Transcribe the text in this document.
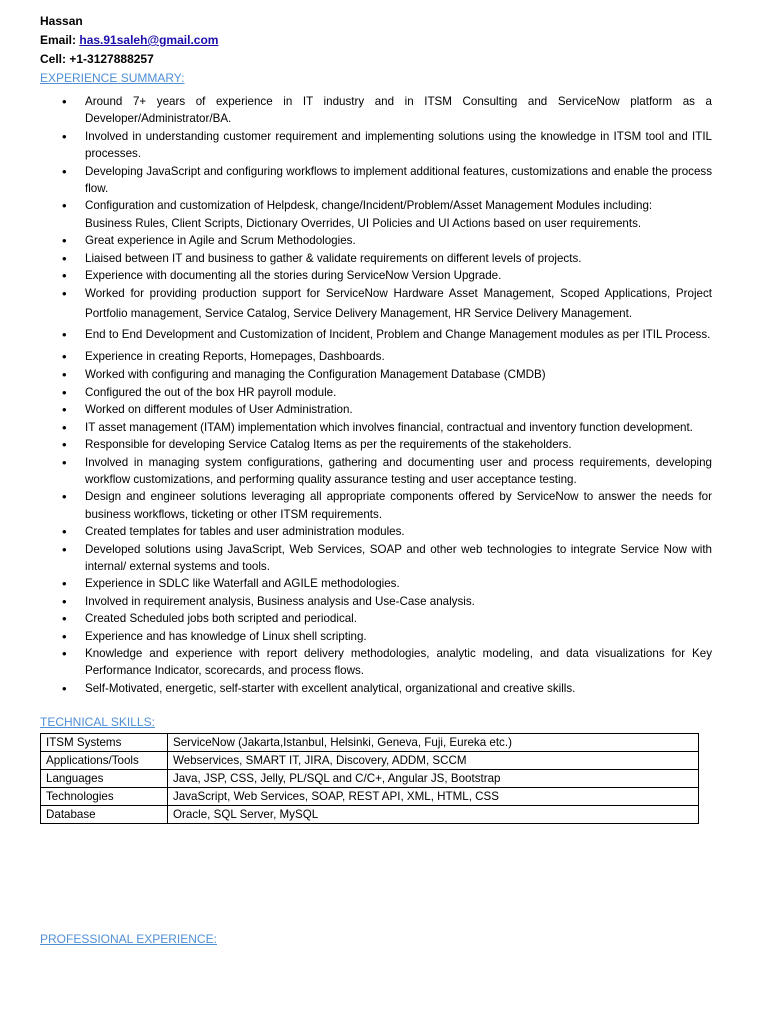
Hassan
Email: has.91saleh@gmail.com
Cell: +1-3127888257
EXPERIENCE SUMMARY:
• Around 7+ years of experience in IT industry and in ITSM Consulting and ServiceNow platform as a Developer/Administrator/BA.
• Involved in understanding customer requirement and implementing solutions using the knowledge in ITSM tool and ITIL processes.
• Developing JavaScript and configuring workflows to implement additional features, customizations and enable the process flow.
• Configuration and customization of Helpdesk, change/Incident/Problem/Asset Management Modules including:
Business Rules, Client Scripts, Dictionary Overrides, UI Policies and UI Actions based on user requirements.
• Great experience in Agile and Scrum Methodologies.
• Liaised between IT and business to gather & validate requirements on different levels of projects.
• Experience with documenting all the stories during ServiceNow Version Upgrade.
• Worked for providing production support for ServiceNow Hardware Asset Management, Scoped Applications, Project Portfolio management, Service Catalog, Service Delivery Management, HR Service Delivery Management.
• End to End Development and Customization of Incident, Problem and Change Management modules as per ITIL Process.
• Experience in creating Reports, Homepages, Dashboards.
• Worked with configuring and managing the Configuration Management Database (CMDB)
• Configured the out of the box HR payroll module.
• Worked on different modules of User Administration.
• IT asset management (ITAM) implementation which involves financial, contractual and inventory function development.
• Responsible for developing Service Catalog Items as per the requirements of the stakeholders.
• Involved in managing system configurations, gathering and documenting user and process requirements, developing workflow customizations, and performing quality assurance testing and user acceptance testing.
• Design and engineer solutions leveraging all appropriate components offered by ServiceNow to answer the needs for business workflows, ticketing or other ITSM requirements.
• Created templates for tables and user administration modules.
• Developed solutions using JavaScript, Web Services, SOAP and other web technologies to integrate Service Now with internal/ external systems and tools.
• Experience in SDLC like Waterfall and AGILE methodologies.
• Involved in requirement analysis, Business analysis and Use-Case analysis.
• Created Scheduled jobs both scripted and periodical.
• Experience and has knowledge of Linux shell scripting.
• Knowledge and experience with report delivery methodologies, analytic modeling, and data visualizations for Key Performance Indicator, scorecards, and process flows.
• Self-Motivated, energetic, self-starter with excellent analytical, organizational and creative skills.
TECHNICAL SKILLS:
ITSM Systems	ServiceNow (Jakarta,Istanbul, Helsinki, Geneva, Fuji, Eureka etc.)
Applications/Tools	Webservices, SMART IT, JIRA, Discovery, ADDM, SCCM
Languages	Java, JSP, CSS, Jelly, PL/SQL and C/C+, Angular JS, Bootstrap
Technologies	JavaScript, Web Services, SOAP, REST API, XML, HTML, CSS
Database	Oracle, SQL Server, MySQL
PROFESSIONAL EXPERIENCE:
